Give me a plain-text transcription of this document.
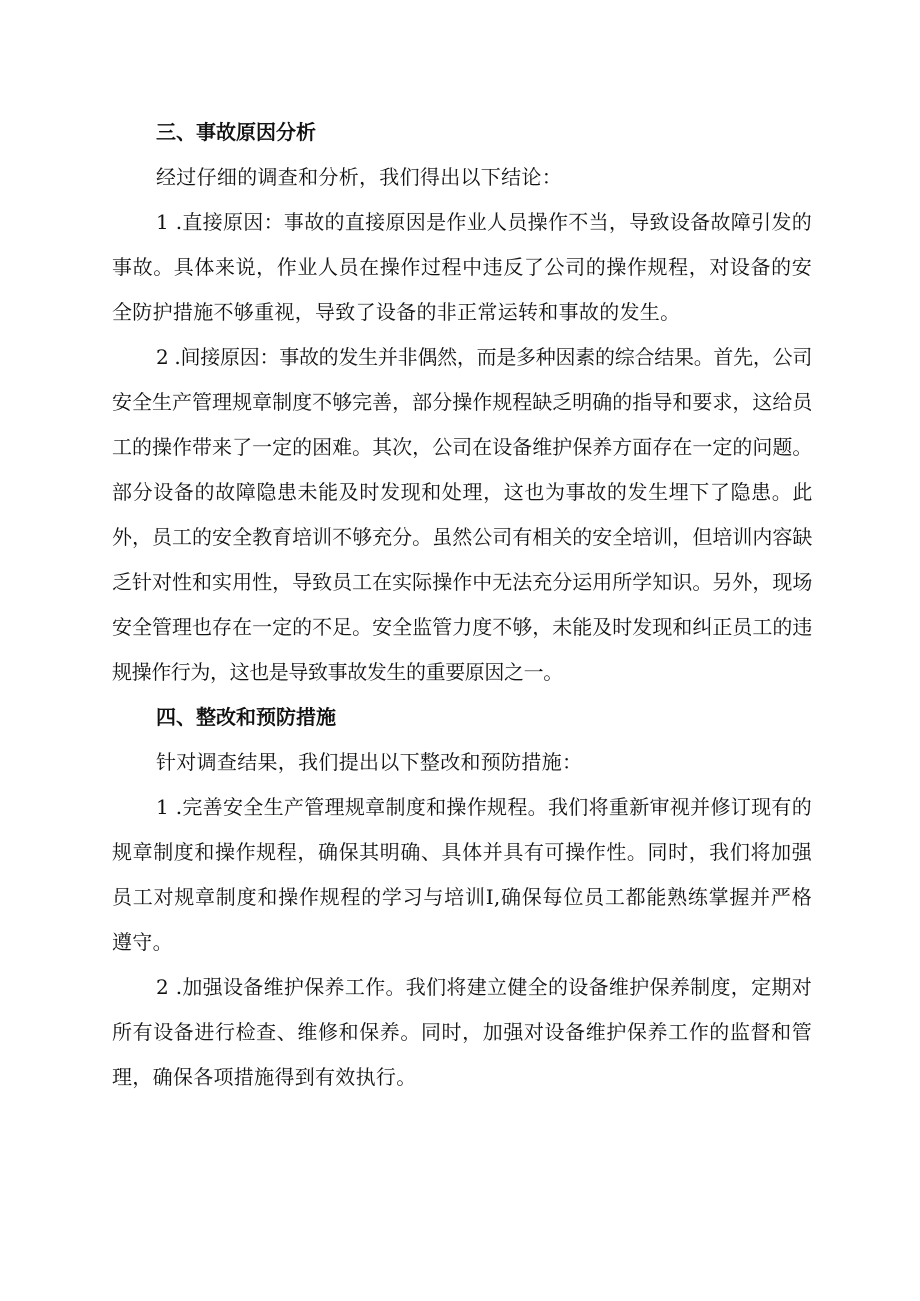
三、事故原因分析

经过仔细的调查和分析，我们得出以下结论：

1 .直接原因：事故的直接原因是作业人员操作不当，导致设备故障引发的事故。具体来说，作业人员在操作过程中违反了公司的操作规程，对设备的安全防护措施不够重视，导致了设备的非正常运转和事故的发生。

2 .间接原因：事故的发生并非偶然，而是多种因素的综合结果。首先，公司安全生产管理规章制度不够完善，部分操作规程缺乏明确的指导和要求，这给员工的操作带来了一定的困难。其次，公司在设备维护保养方面存在一定的问题。部分设备的故障隐患未能及时发现和处理，这也为事故的发生埋下了隐患。此外，员工的安全教育培训不够充分。虽然公司有相关的安全培训，但培训内容缺乏针对性和实用性，导致员工在实际操作中无法充分运用所学知识。另外，现场安全管理也存在一定的不足。安全监管力度不够，未能及时发现和纠正员工的违规操作行为，这也是导致事故发生的重要原因之一。

四、整改和预防措施

针对调查结果，我们提出以下整改和预防措施：

1 .完善安全生产管理规章制度和操作规程。我们将重新审视并修订现有的规章制度和操作规程，确保其明确、具体并具有可操作性。同时，我们将加强员工对规章制度和操作规程的学习与培训I,确保每位员工都能熟练掌握并严格遵守。

2 .加强设备维护保养工作。我们将建立健全的设备维护保养制度，定期对所有设备进行检查、维修和保养。同时，加强对设备维护保养工作的监督和管理，确保各项措施得到有效执行。
